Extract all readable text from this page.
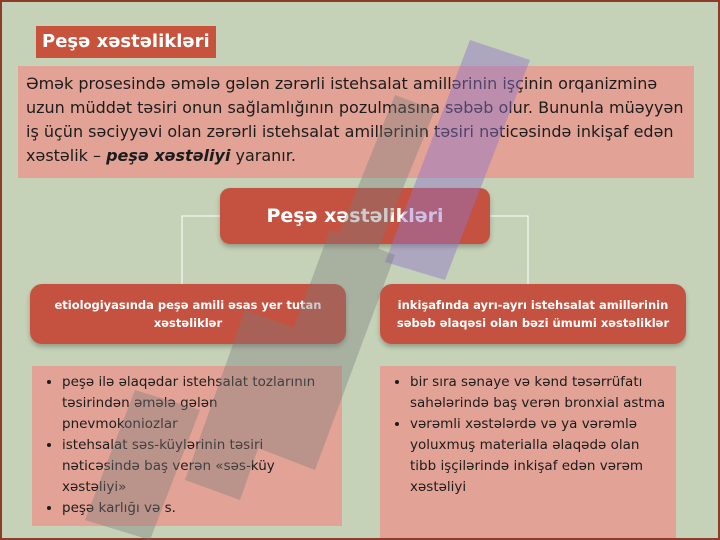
Peşə xəstəlikləri
Əmək prosesində əmələ gələn zərərli istehsalat amillərinin işçinin orqanizminə uzun müddət təsiri onun sağlamlığının pozulmasına səbəb olur. Bununla müəyyən iş üçün səciyyəvi olan zərərli istehsalat amillərinin təsiri nəticəsində inkişaf edən xəstəlik – peşə xəstəliyi yaranır.
Peşə xəstəlikləri
etiologiyasında peşə amili əsas yer tutan xəstəliklər
inkişafında ayrı-ayrı istehsalat amillərinin səbəb əlaqəsi olan bəzi ümumi xəstəliklər
• peşə ilə əlaqədar istehsalat tozlarının təsirindən əmələ gələn pnevmokoniozlar
• istehsalat səs-küylərinin təsiri nəticəsində baş verən «səs-küy xəstəliyi»
• peşə karlığı və s.
• bir sıra sənaye və kənd təsərrüfatı sahələrində baş verən bronxial astma
• vərəmli xəstələrdə və ya vərəmlə yoluxmuş materialla əlaqədə olan tibb işçilərində inkişaf edən vərəm xəstəliyi
